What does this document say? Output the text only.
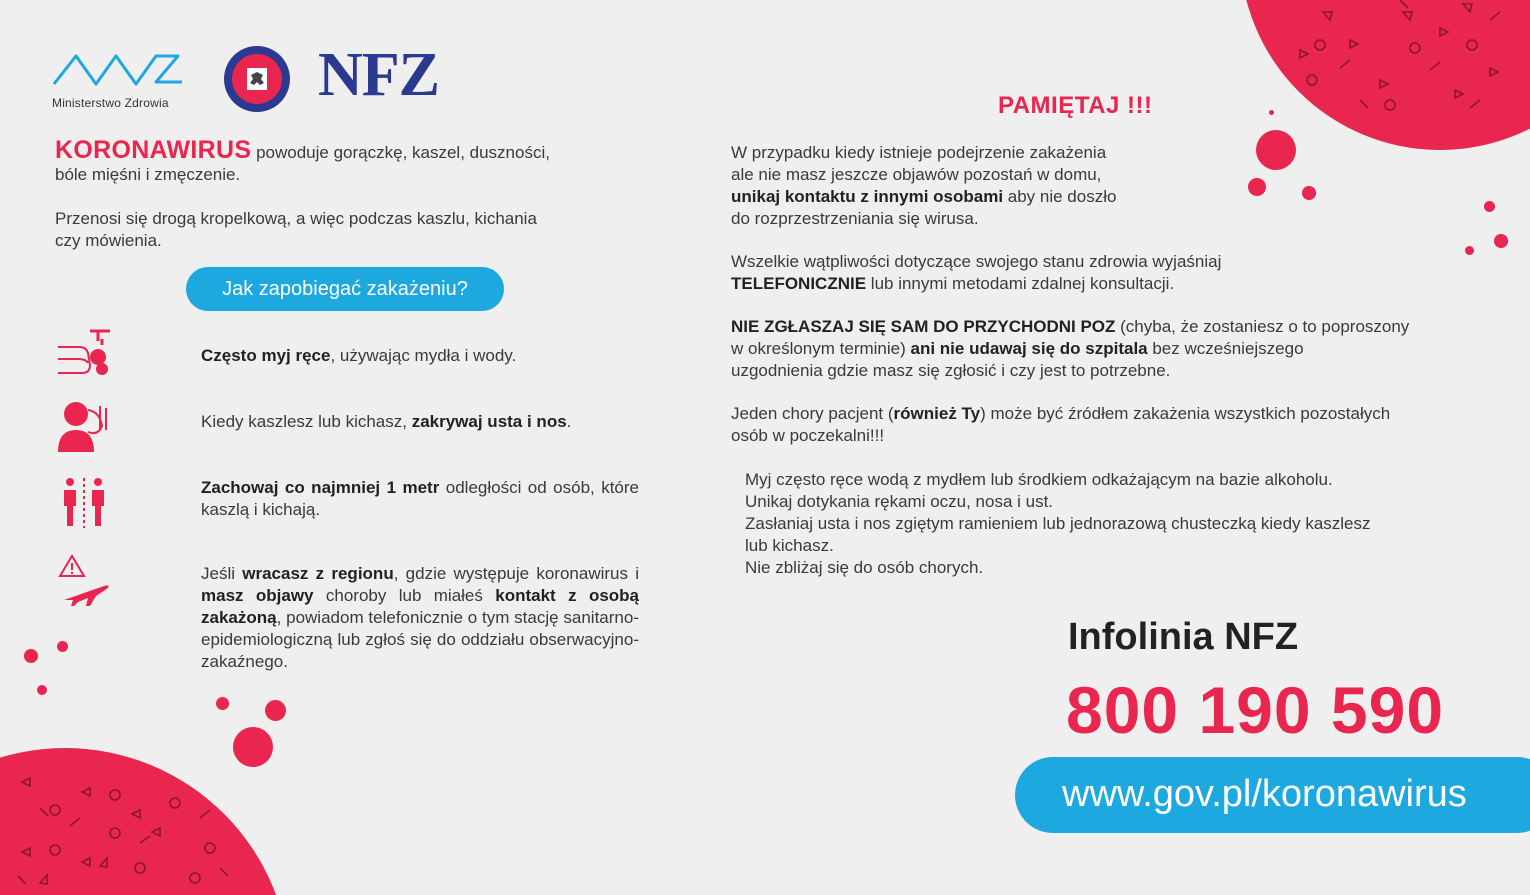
Ministerstwo Zdrowia NFZ
KORONAWIRUS powoduje gorączkę, kaszel, duszności,
bóle mięśni i zmęczenie.
Przenosi się drogą kropelkową, a więc podczas kaszlu, kichania
czy mówienia.
Jak zapobiegać zakażeniu?
Często myj ręce, używając mydła i wody.
Kiedy kaszlesz lub kichasz, zakrywaj usta i nos.
Zachowaj co najmniej 1 metr odległości od osób, które kaszlą i kichają.
Jeśli wracasz z regionu, gdzie występuje koronawirus i masz objawy choroby lub miałeś kontakt z osobą zakażoną, powiadom telefonicznie o tym stację sanitarno-epidemiologiczną lub zgłoś się do oddziału obserwacyjno-zakaźnego.
PAMIĘTAJ !!!
W przypadku kiedy istnieje podejrzenie zakażenia
ale nie masz jeszcze objawów pozostań w domu,
unikaj kontaktu z innymi osobami aby nie doszło
do rozprzestrzeniania się wirusa.
Wszelkie wątpliwości dotyczące swojego stanu zdrowia wyjaśniaj
TELEFONICZNIE lub innymi metodami zdalnej konsultacji.
NIE ZGŁASZAJ SIĘ SAM DO PRZYCHODNI POZ (chyba, że zostaniesz o to poproszony
w określonym terminie) ani nie udawaj się do szpitala bez wcześniejszego
uzgodnienia gdzie masz się zgłosić i czy jest to potrzebne.
Jeden chory pacjent (również Ty) może być źródłem zakażenia wszystkich pozostałych
osób w poczekalni!!!
Myj często ręce wodą z mydłem lub środkiem odkażającym na bazie alkoholu.
Unikaj dotykania rękami oczu, nosa i ust.
Zasłaniaj usta i nos zgiętym ramieniem lub jednorazową chusteczką kiedy kaszlesz
lub kichasz.
Nie zbliżaj się do osób chorych.
Infolinia NFZ
800 190 590
www.gov.pl/koronawirus
